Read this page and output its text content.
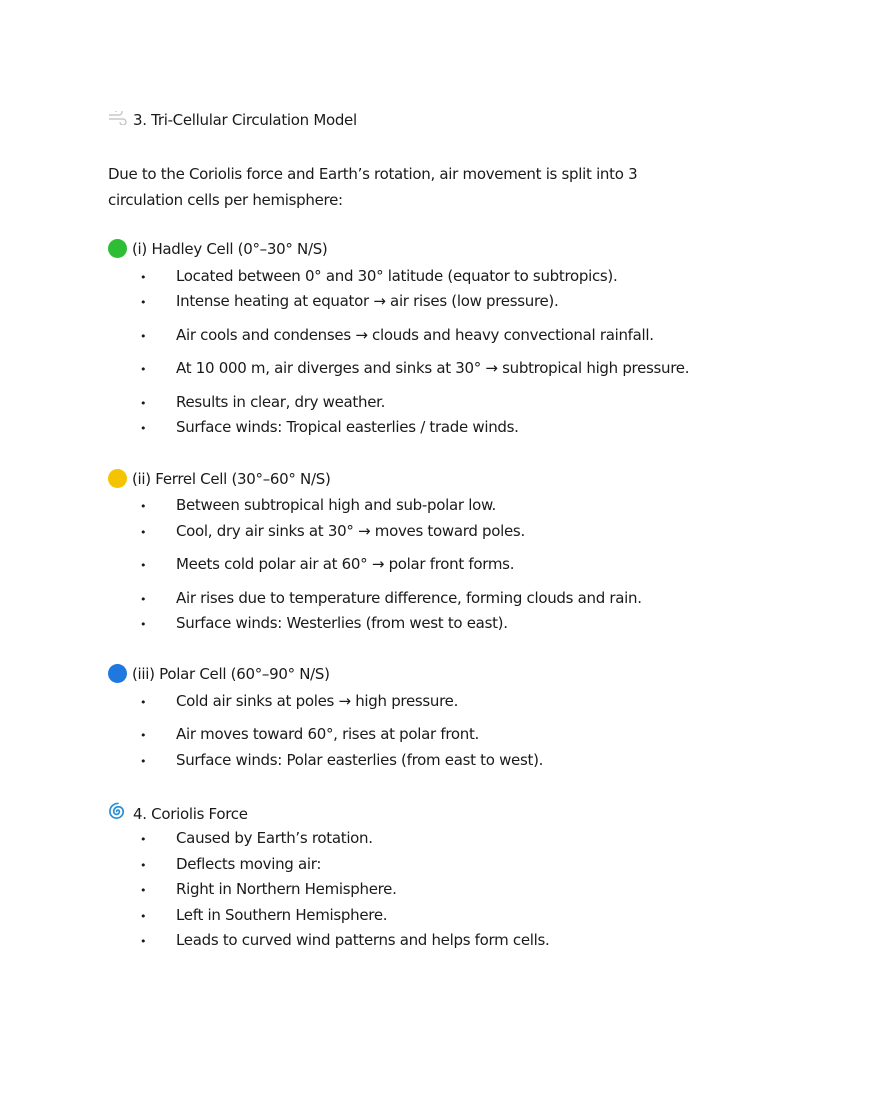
3. Tri-Cellular Circulation Model
Due to the Coriolis force and Earth’s rotation, air movement is split into 3 circulation cells per hemisphere:
(i) Hadley Cell (0°–30° N/S)
• Located between 0° and 30° latitude (equator to subtropics).
• Intense heating at equator → air rises (low pressure).
• Air cools and condenses → clouds and heavy convectional rainfall.
• At 10 000 m, air diverges and sinks at 30° → subtropical high pressure.
• Results in clear, dry weather.
• Surface winds: Tropical easterlies / trade winds.
(ii) Ferrel Cell (30°–60° N/S)
• Between subtropical high and sub-polar low.
• Cool, dry air sinks at 30° → moves toward poles.
• Meets cold polar air at 60° → polar front forms.
• Air rises due to temperature difference, forming clouds and rain.
• Surface winds: Westerlies (from west to east).
(iii) Polar Cell (60°–90° N/S)
• Cold air sinks at poles → high pressure.
• Air moves toward 60°, rises at polar front.
• Surface winds: Polar easterlies (from east to west).
4. Coriolis Force
• Caused by Earth’s rotation.
• Deflects moving air:
• Right in Northern Hemisphere.
• Left in Southern Hemisphere.
• Leads to curved wind patterns and helps form cells.
